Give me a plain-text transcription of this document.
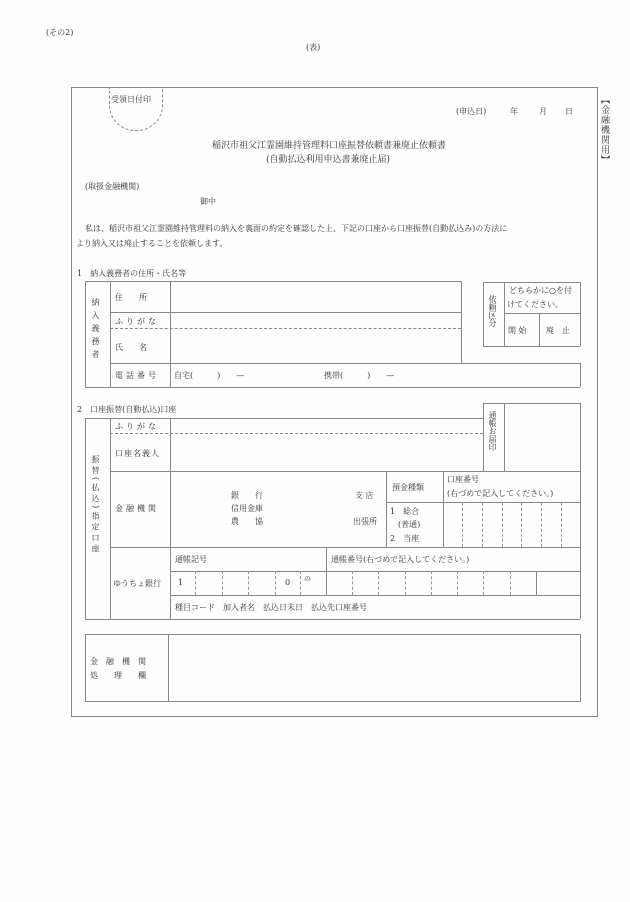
(その2)
(表)
【金融機関用】
受領日付印
(申込日)	年	月 日
稲沢市祖父江霊園維持管理料口座振替依頼書兼廃止依頼書
(自動払込利用申込書兼廃止届)
(取扱金融機関)
御中
私は、稲沢市祖父江霊園維持管理料の納入を裏面の約定を確認した上、下記の口座から口座振替(自動払込み)の方法に
より納入又は廃止することを依頼します。
1　納入義務者の住所・氏名等
納入義務者
住　　所
ふりがな
氏　　名
電話番号 自宅(　　　)　　—	携帯(　　　)　　—
依頼区分
どちらかに○を付
けてください。
開 始 廃　止
2　口座振替(自動払込)口座
通帳お届印
振替(払込)指定口座
ふりがな
口座名義人
金融機関
銀　　行
信用金庫
農　　協
支 店
出張所
預金種類
1　総合
(普通)
2　当座
口座番号
(右づめで記入してください。)
ゆうちょ銀行
通帳記号	通帳番号(右づめで記入してください。)
1	0 の
種目コード　加入者名　払込日末日　払込先口座番号
金　融　機　関
処　　理　　欄
